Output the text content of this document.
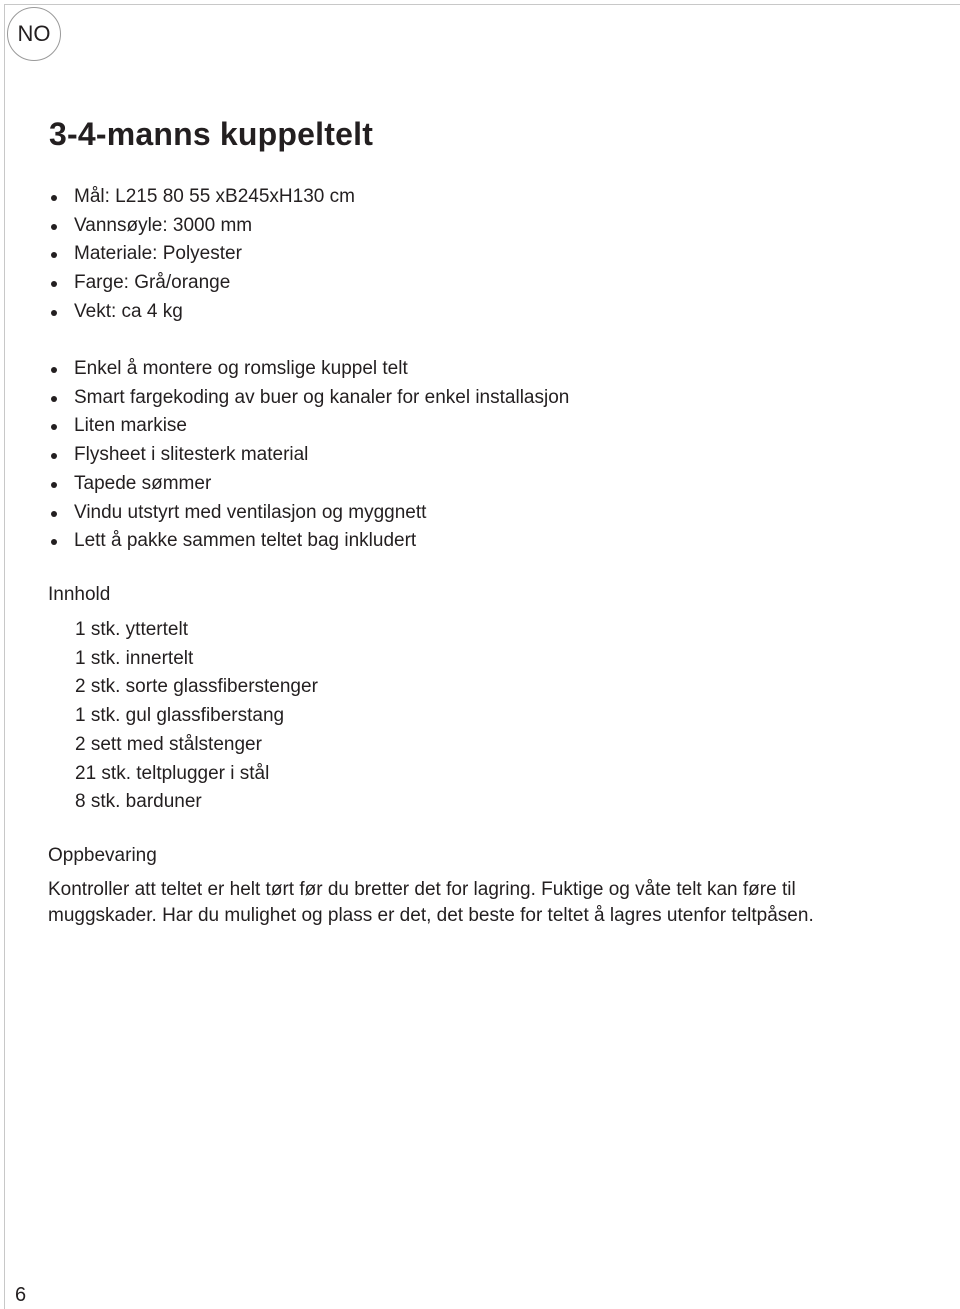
NO
3-4-manns kuppeltelt
Mål: L215 80 55 xB245xH130 cm
Vannsøyle: 3000 mm
Materiale: Polyester
Farge: Grå/orange
Vekt: ca 4 kg
Enkel å montere og romslige kuppel telt
Smart fargekoding av buer og kanaler for enkel installasjon
Liten markise
Flysheet i slitesterk material
Tapede sømmer
Vindu utstyrt med ventilasjon og myggnett
Lett å pakke sammen teltet bag inkludert
Innhold
1 stk. yttertelt
1 stk. innertelt
2 stk. sorte glassfiberstenger
1 stk. gul glassfiberstang
2 sett med stålstenger
21 stk. teltplugger i stål
8 stk. barduner
Oppbevaring

Kontroller att teltet er helt tørt før du bretter det for lagring. Fuktige og våte telt kan føre til muggskader. Har du mulighet og plass er det, det beste for teltet å lagres utenfor teltpåsen.

6
